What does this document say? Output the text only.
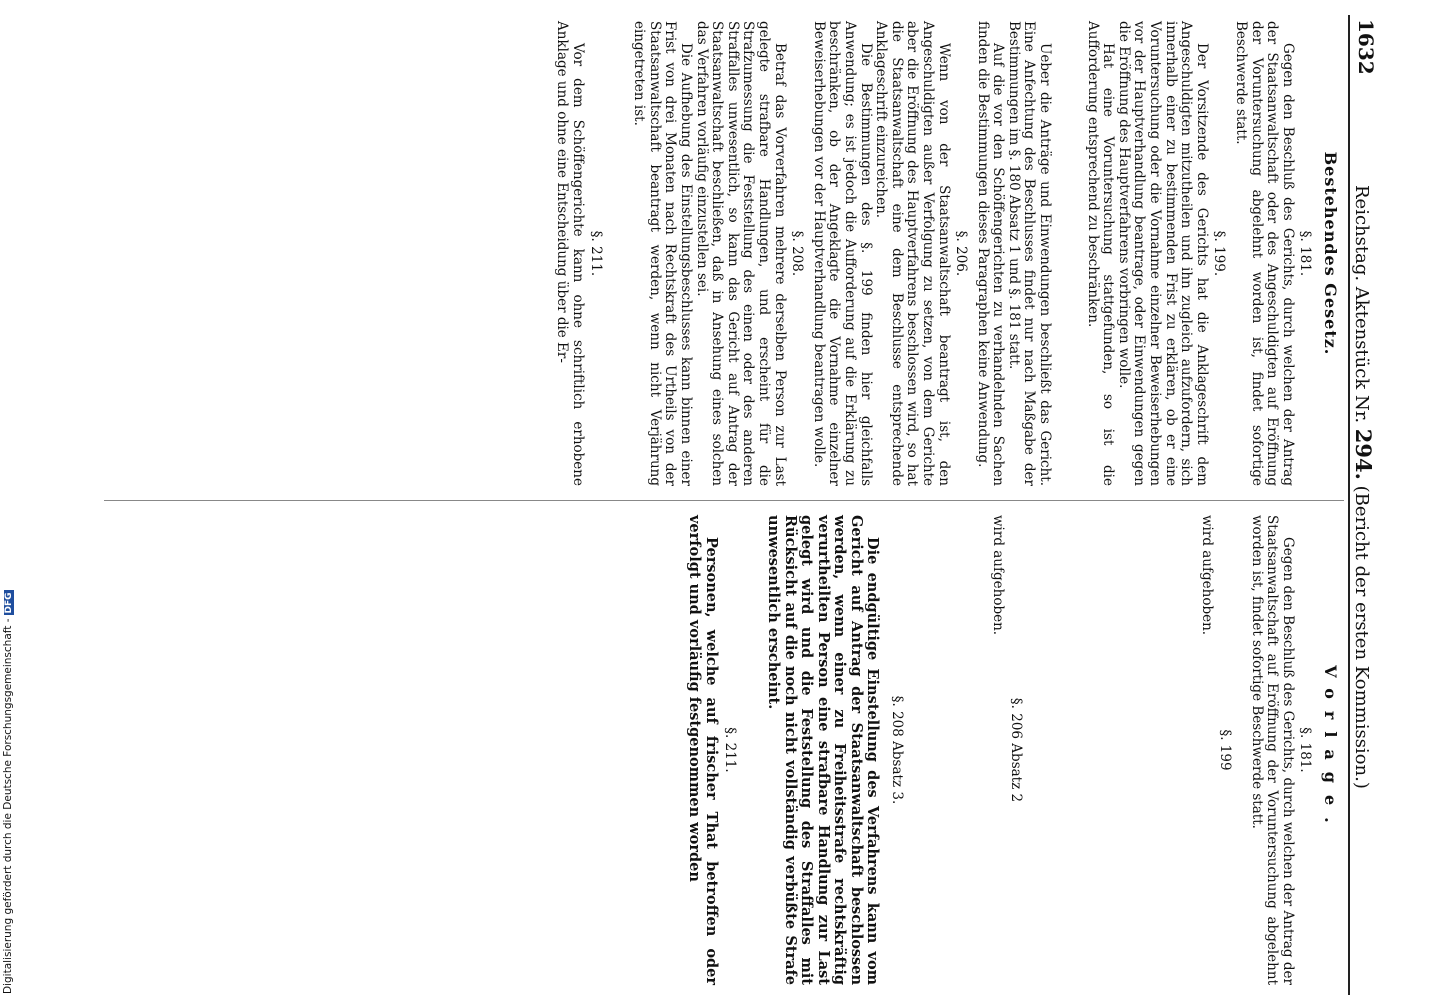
1632
Reichstag. Aktenstück Nr. 294. (Bericht der ersten Kommission.)
Bestehendes Gesetz.
§. 181.

Gegen den Beschluß des Gerichts, durch welchen der Antrag der Staatsanwaltschaft oder des Angeschuldigten auf Eröffnung der Voruntersuchung abgelehnt worden ist, findet sofortige Beschwerde statt.

§. 199.

Der Vorsitzende des Gerichts hat die Anklageschrift dem Angeschuldigten mitzutheilen und ihn zugleich aufzufordern, sich innerhalb einer zu bestimmenden Frist zu erklären, ob er eine Voruntersuchung oder die Vornahme einzelner Beweiserhebungen vor der Hauptverhandlung beantrage, oder Einwendungen gegen die Eröffnung des Hauptverfahrens vorbringen wolle.

Hat eine Voruntersuchung stattgefunden, so ist die Aufforderung entsprechend zu beschränken.

Ueber die Anträge und Einwendungen beschließt das Gericht. Eine Anfechtung des Beschlusses findet nur nach Maßgabe der Bestimmungen im §. 180 Absatz 1 und §. 181 statt.

Auf die vor den Schöffengerichten zu verhandelnden Sachen finden die Bestimmungen dieses Paragraphen keine Anwendung.

§. 206.

Wenn von der Staatsanwaltschaft beantragt ist, den Angeschuldigten außer Verfolgung zu setzen, von dem Gerichte aber die Eröffnung des Hauptverfahrens beschlossen wird, so hat die Staatsanwaltschaft eine dem Beschlusse entsprechende Anklageschrift einzureichen.

Die Bestimmungen des §. 199 finden hier gleichfalls Anwendung; es ist jedoch die Aufforderung auf die Erklärung zu beschränken, ob der Angeklagte die Vornahme einzelner Beweiserhebungen vor der Hauptverhandlung beantragen wolle.

§. 208.

Betraf das Vorverfahren mehrere derselben Person zur Last gelegte strafbare Handlungen, und erscheint für die Strafzumessung die Feststellung des einen oder des anderen Straffalles unwesentlich, so kann das Gericht auf Antrag der Staatsanwaltschaft beschließen, daß in Ansehung eines solchen das Verfahren vorläufig einzustellen sei.

Die Aufhebung des Einstellungsbeschlusses kann binnen einer Frist von drei Monaten nach Rechtskraft des Urtheils von der Staatsanwaltschaft beantragt werden, wenn nicht Verjährung eingetreten ist.

§. 211.

Vor dem Schöffengerichte kann ohne schriftlich erhobene Anklage und ohne eine Entscheidung über die Er-

Vorlage.
§. 181.

Gegen den Beschluß des Gerichts, durch welchen der Antrag der Staatsanwaltschaft auf Eröffnung der Voruntersuchung abgelehnt worden ist, findet sofortige Beschwerde statt.

§. 199

wird aufgehoben.

§. 206 Absatz 2

wird aufgehoben.

§. 208 Absatz 3.

Die endgültige Einstellung des Verfahrens kann vom Gericht auf Antrag der Staatsanwaltschaft beschlossen werden, wenn einer zu Freiheitsstrafe rechtskräftig verurtheilten Person eine strafbare Handlung zur Last gelegt wird und die Feststellung des Straffalles mit Rücksicht auf die noch nicht vollständig verbüßte Strafe unwesentlich erscheint.

§. 211.

Personen, welche auf frischer That betroffen oder verfolgt und vorläufig festgenommen worden

Digitalisierung gefördert durch die Deutsche Forschungsgemeinschaft -DFG
